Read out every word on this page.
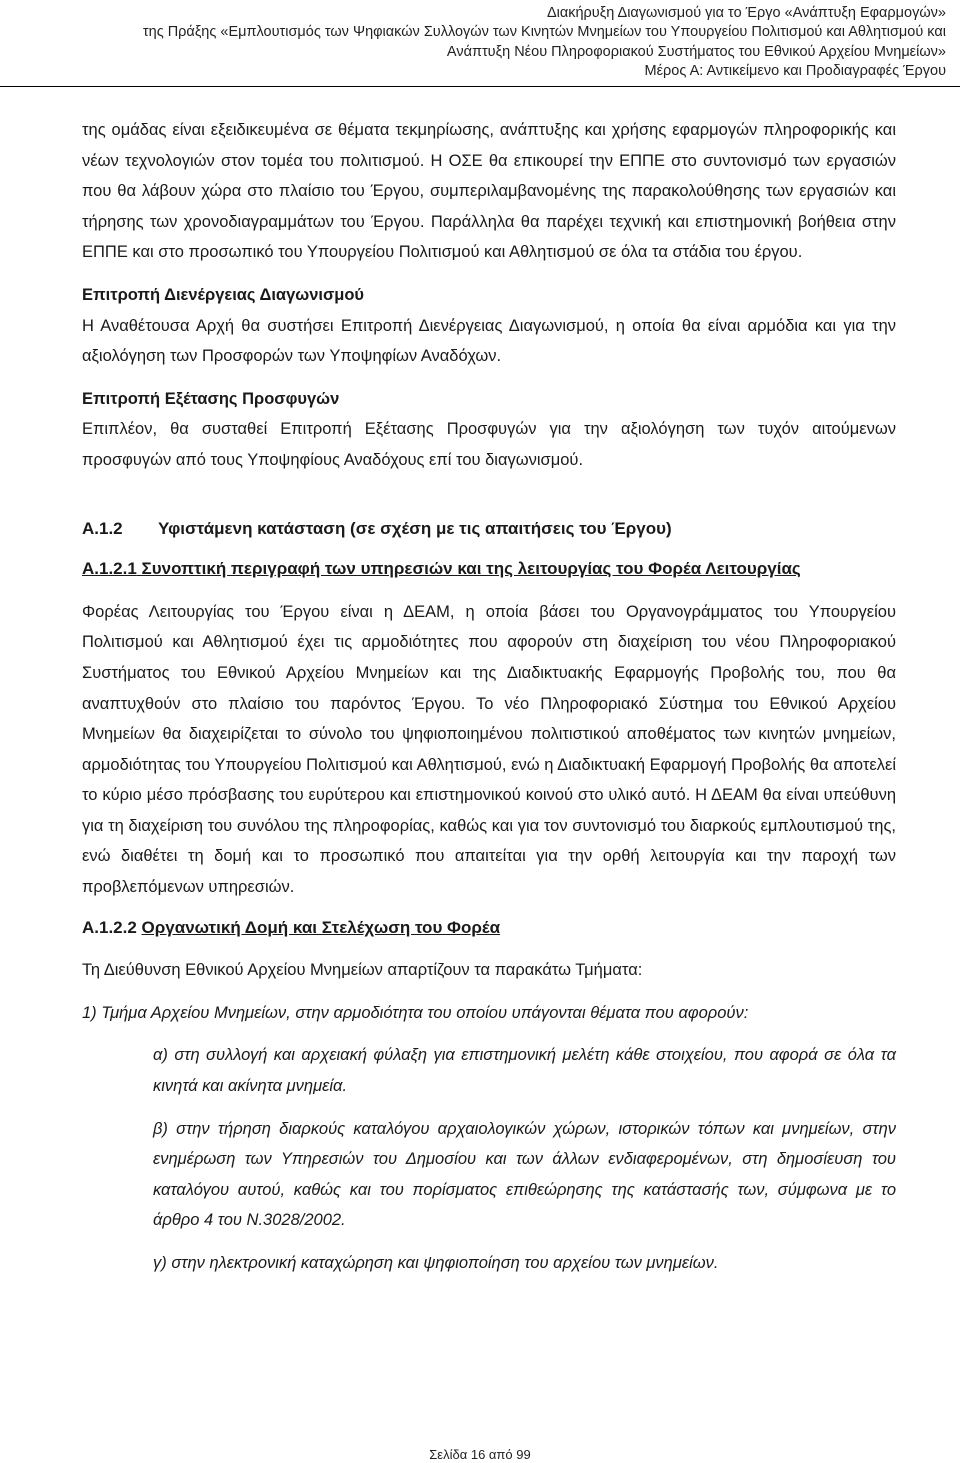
Διακήρυξη Διαγωνισμού για το Έργο «Ανάπτυξη Εφαρμογών»
της Πράξης «Εμπλουτισμός των Ψηφιακών Συλλογών των Κινητών Μνημείων του Υπουργείου Πολιτισμού και Αθλητισμού και
Ανάπτυξη Νέου Πληροφοριακού Συστήματος του Εθνικού Αρχείου Μνημείων»
Μέρος Α: Αντικείμενο και Προδιαγραφές Έργου

της ομάδας είναι εξειδικευμένα σε θέματα τεκμηρίωσης, ανάπτυξης και χρήσης εφαρμογών πληροφορικής και νέων τεχνολογιών στον τομέα του πολιτισμού. Η ΟΣΕ θα επικουρεί την ΕΠΠΕ στο συντονισμό των εργασιών που θα λάβουν χώρα στο πλαίσιο του Έργου, συμπεριλαμβανομένης της παρακολούθησης των εργασιών και τήρησης των χρονοδιαγραμμάτων του Έργου. Παράλληλα θα παρέχει τεχνική και επιστημονική βοήθεια στην ΕΠΠΕ και στο προσωπικό του Υπουργείου Πολιτισμού και Αθλητισμού σε όλα τα στάδια του έργου.

Επιτροπή Διενέργειας Διαγωνισμού

Η Αναθέτουσα Αρχή θα συστήσει Επιτροπή Διενέργειας Διαγωνισμού, η οποία θα είναι αρμόδια και για την αξιολόγηση των Προσφορών των Υποψηφίων Αναδόχων.

Επιτροπή Εξέτασης Προσφυγών

Επιπλέον, θα συσταθεί Επιτροπή Εξέτασης Προσφυγών για την αξιολόγηση των τυχόν αιτούμενων προσφυγών από τους Υποψηφίους Αναδόχους επί του διαγωνισμού.

Α.1.2	Υφιστάμενη κατάσταση (σε σχέση με τις απαιτήσεις του Έργου)
Α.1.2.1 Συνοπτική περιγραφή των υπηρεσιών και της λειτουργίας του Φορέα Λειτουργίας

Φορέας Λειτουργίας του Έργου είναι η ΔΕΑΜ, η οποία βάσει του Οργανογράμματος του Υπουργείου Πολιτισμού και Αθλητισμού έχει τις αρμοδιότητες που αφορούν στη διαχείριση του νέου Πληροφοριακού Συστήματος του Εθνικού Αρχείου Μνημείων και της Διαδικτυακής Εφαρμογής Προβολής του, που θα αναπτυχθούν στο πλαίσιο του παρόντος Έργου. Το νέο Πληροφοριακό Σύστημα του Εθνικού Αρχείου Μνημείων θα διαχειρίζεται το σύνολο του ψηφιοποιημένου πολιτιστικού αποθέματος των κινητών μνημείων, αρμοδιότητας του Υπουργείου Πολιτισμού και Αθλητισμού, ενώ η Διαδικτυακή Εφαρμογή Προβολής θα αποτελεί το κύριο μέσο πρόσβασης του ευρύτερου και επιστημονικού κοινού στο υλικό αυτό. Η ΔΕΑΜ θα είναι υπεύθυνη για τη διαχείριση του συνόλου της πληροφορίας, καθώς και για τον συντονισμό του διαρκούς εμπλουτισμού της, ενώ διαθέτει τη δομή και το προσωπικό που απαιτείται για την ορθή λειτουργία και την παροχή των προβλεπόμενων υπηρεσιών.

Α.1.2.2 Οργανωτική Δομή και Στελέχωση του Φορέα

Τη Διεύθυνση Εθνικού Αρχείου Μνημείων απαρτίζουν τα παρακάτω Τμήματα:

1) Τμήμα Αρχείου Μνημείων, στην αρμοδιότητα του οποίου υπάγονται θέματα που αφορούν:

α) στη συλλογή και αρχειακή φύλαξη για επιστημονική μελέτη κάθε στοιχείου, που αφορά σε όλα τα κινητά και ακίνητα μνημεία.

β) στην τήρηση διαρκούς καταλόγου αρχαιολογικών χώρων, ιστορικών τόπων και μνημείων, στην ενημέρωση των Υπηρεσιών του Δημοσίου και των άλλων ενδιαφερομένων, στη δημοσίευση του καταλόγου αυτού, καθώς και του πορίσματος επιθεώρησης της κατάστασής των, σύμφωνα με το άρθρο 4 του Ν.3028/2002.

γ) στην ηλεκτρονική καταχώρηση και ψηφιοποίηση του αρχείου των μνημείων.

Σελίδα 16 από 99
